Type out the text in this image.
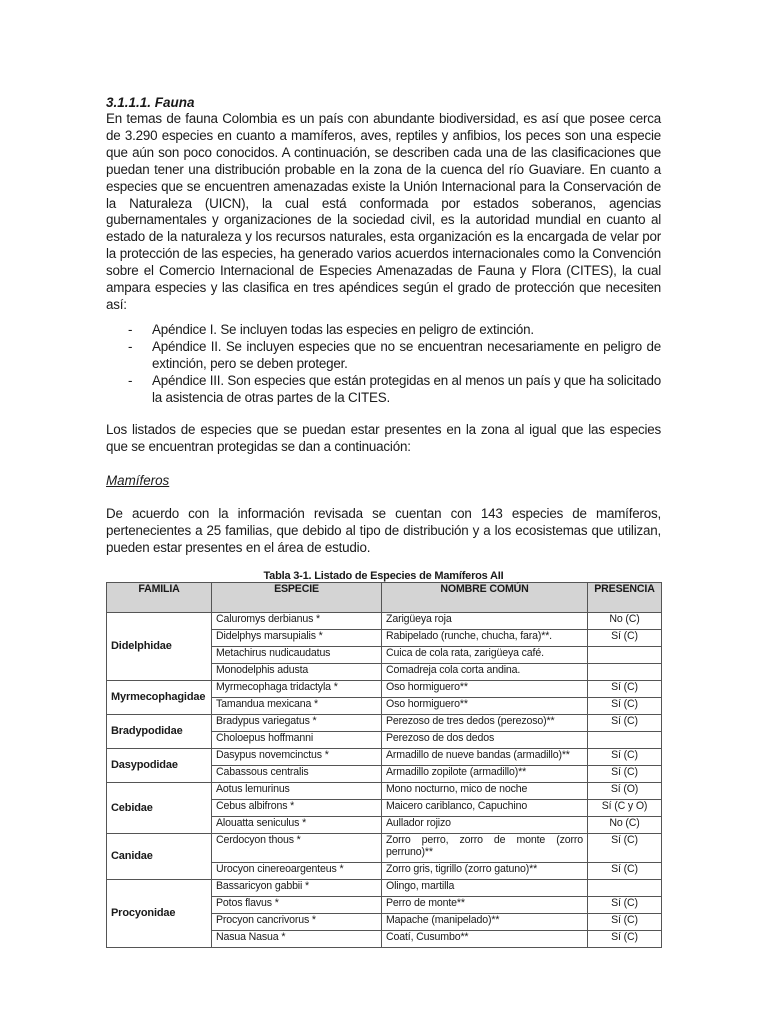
3.1.1.1. Fauna

En temas de fauna Colombia es un país con abundante biodiversidad, es así que posee cerca de 3.290 especies en cuanto a mamíferos, aves, reptiles y anfibios, los peces son una especie que aún son poco conocidos. A continuación, se describen cada una de las clasificaciones que puedan tener una distribución probable en la zona de la cuenca del río Guaviare. En cuanto a especies que se encuentren amenazadas existe la Unión Internacional para la Conservación de la Naturaleza (UICN), la cual está conformada por estados soberanos, agencias gubernamentales y organizaciones de la sociedad civil, es la autoridad mundial en cuanto al estado de la naturaleza y los recursos naturales, esta organización es la encargada de velar por la protección de las especies, ha generado varios acuerdos internacionales como la Convención sobre el Comercio Internacional de Especies Amenazadas de Fauna y Flora (CITES), la cual ampara especies y las clasifica en tres apéndices según el grado de protección que necesiten así:

- Apéndice I. Se incluyen todas las especies en peligro de extinción.
- Apéndice II. Se incluyen especies que no se encuentran necesariamente en peligro de extinción, pero se deben proteger.
- Apéndice III. Son especies que están protegidas en al menos un país y que ha solicitado la asistencia de otras partes de la CITES.

Los listados de especies que se puedan estar presentes en la zona al igual que las especies que se encuentran protegidas se dan a continuación:

Mamíferos

De acuerdo con la información revisada se cuentan con 143 especies de mamíferos, pertenecientes a 25 familias, que debido al tipo de distribución y a los ecosistemas que utilizan, pueden estar presentes en el área de estudio.

Tabla 3-1. Listado de Especies de Mamíferos AII

FAMILIA	ESPECIE	NOMBRE COMÚN	PRESENCIA
Didelphidae	Caluromys derbianus *	Zarigüeya roja	No (C)
	Didelphys marsupialis *	Rabipelado (runche, chucha, fara)**.	Sí (C)
	Metachirus nudicaudatus	Cuica de cola rata, zarigüeya café.	
	Monodelphis adusta	Comadreja cola corta andina.	
Myrmecophagidae	Myrmecophaga tridactyla *	Oso hormiguero**	Sí (C)
	Tamandua mexicana *	Oso hormiguero**	Sí (C)
Bradypodidae	Bradypus variegatus *	Perezoso de tres dedos (perezoso)**	Sí (C)
	Choloepus hoffmanni	Perezoso de dos dedos	
Dasypodidae	Dasypus novemcinctus *	Armadillo de nueve bandas (armadillo)**	Sí (C)
	Cabassous centralis	Armadillo zopilote (armadillo)**	Sí (C)
Cebidae	Aotus lemurinus	Mono nocturno, mico de noche	Sí (O)
	Cebus albifrons *	Maicero cariblanco, Capuchino	Sí (C y O)
	Alouatta seniculus *	Aullador rojizo	No (C)
Canidae	Cerdocyon thous *	Zorro perro, zorro de monte (zorro perruno)**	Sí (C)
	Urocyon cinereoargenteus *	Zorro gris, tigrillo (zorro gatuno)**	Sí (C)
Procyonidae	Bassaricyon gabbii *	Olingo, martilla	
	Potos flavus *	Perro de monte**	Sí (C)
	Procyon cancrivorus *	Mapache (manipelado)**	Sí (C)
	Nasua Nasua *	Coatí, Cusumbo**	Sí (C)
